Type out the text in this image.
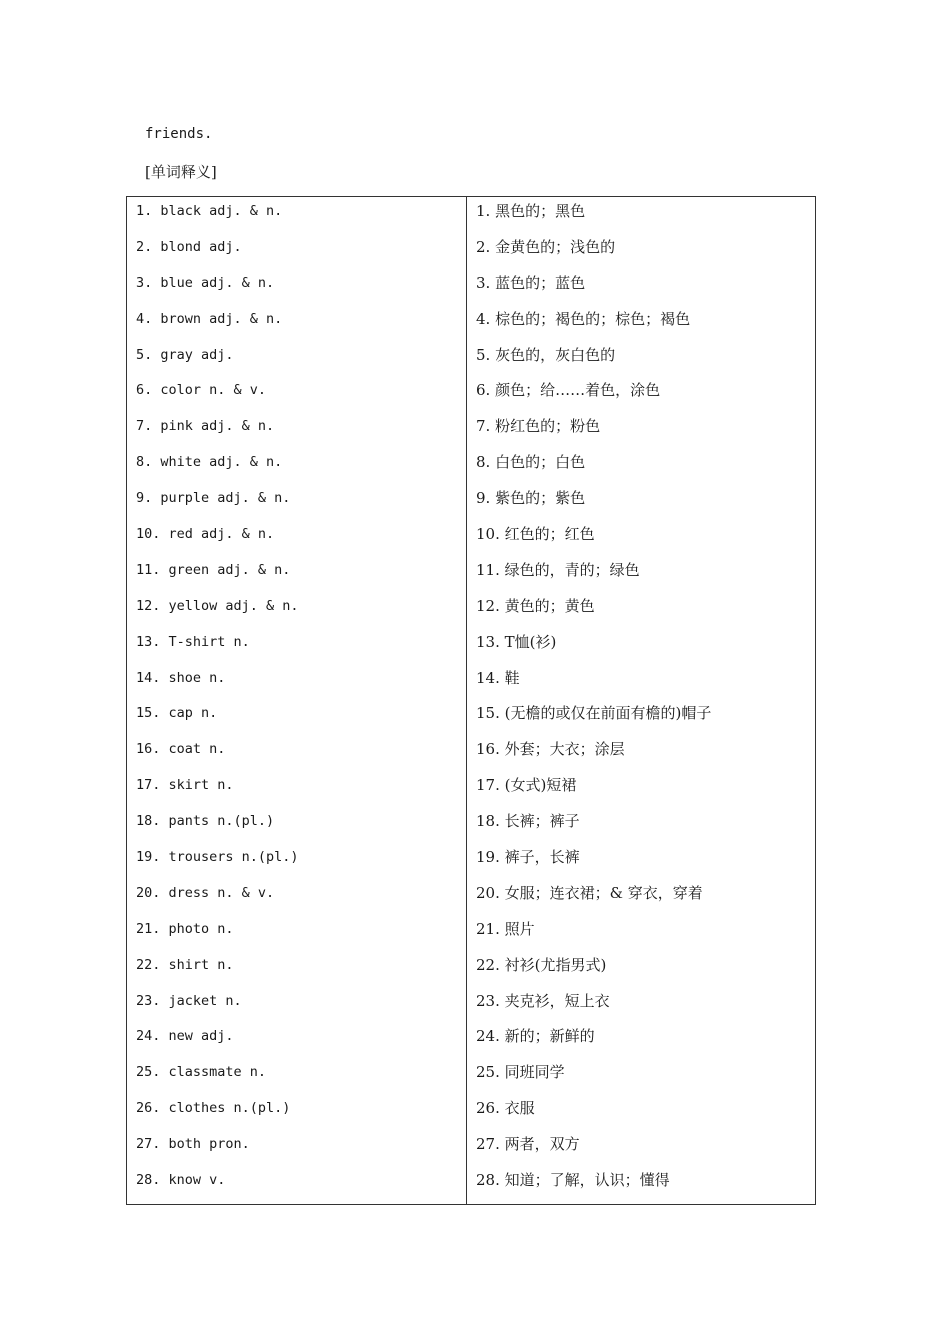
friends.
[单词释义]
1. black adj. & n.
2. blond adj.
3. blue adj. & n.
4. brown adj. & n.
5. gray adj.
6. color n. & v.
7. pink adj. & n.
8. white adj. & n.
9. purple adj. & n.
10. red adj. & n.
11. green adj. & n.
12. yellow adj. & n.
13. T-shirt n.
14. shoe n.
15. cap n.
16. coat n.
17. skirt n.
18. pants n.(pl.)
19. trousers n.(pl.)
20. dress n. & v.
21. photo n.
22. shirt n.
23. jacket n.
24. new adj.
25. classmate n.
26. clothes n.(pl.)
27. both pron.
28. know v.
1. 黑色的；黑色
2. 金黄色的；浅色的
3. 蓝色的；蓝色
4. 棕色的；褐色的；棕色；褐色
5. 灰色的，灰白色的
6. 颜色；给……着色，涂色
7. 粉红色的；粉色
8. 白色的；白色
9. 紫色的；紫色
10. 红色的；红色
11. 绿色的，青的；绿色
12. 黄色的；黄色
13. T恤(衫)
14. 鞋
15. (无檐的或仅在前面有檐的)帽子
16. 外套；大衣；涂层
17. (女式)短裙
18. 长裤；裤子
19. 裤子，长裤
20. 女服；连衣裙；& 穿衣，穿着
21. 照片
22. 衬衫(尤指男式)
23. 夹克衫，短上衣
24. 新的；新鲜的
25. 同班同学
26. 衣服
27. 两者，双方
28. 知道；了解，认识；懂得
